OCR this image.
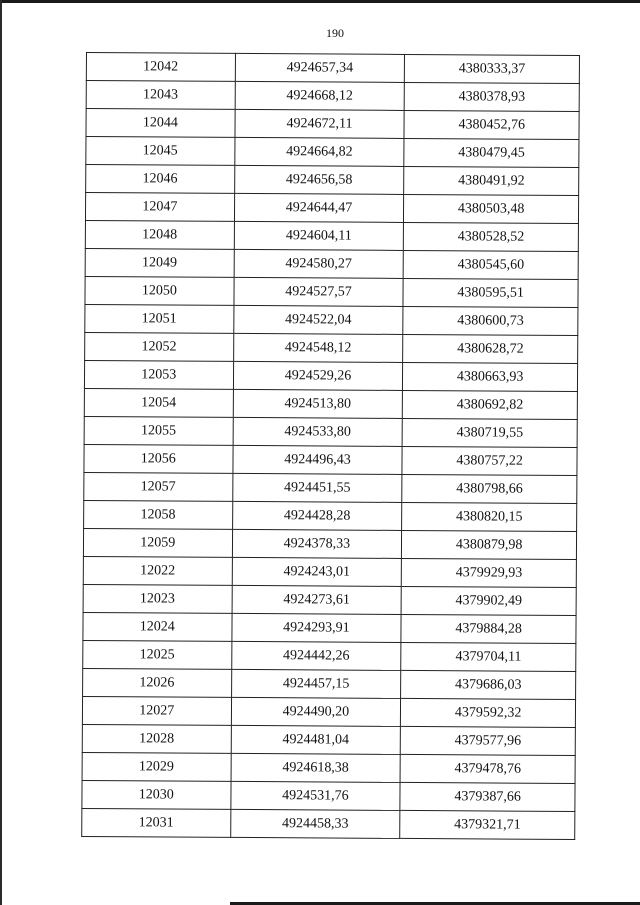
190
12042	4924657,34	4380333,37
12043	4924668,12	4380378,93
12044	4924672,11	4380452,76
12045	4924664,82	4380479,45
12046	4924656,58	4380491,92
12047	4924644,47	4380503,48
12048	4924604,11	4380528,52
12049	4924580,27	4380545,60
12050	4924527,57	4380595,51
12051	4924522,04	4380600,73
12052	4924548,12	4380628,72
12053	4924529,26	4380663,93
12054	4924513,80	4380692,82
12055	4924533,80	4380719,55
12056	4924496,43	4380757,22
12057	4924451,55	4380798,66
12058	4924428,28	4380820,15
12059	4924378,33	4380879,98
12022	4924243,01	4379929,93
12023	4924273,61	4379902,49
12024	4924293,91	4379884,28
12025	4924442,26	4379704,11
12026	4924457,15	4379686,03
12027	4924490,20	4379592,32
12028	4924481,04	4379577,96
12029	4924618,38	4379478,76
12030	4924531,76	4379387,66
12031	4924458,33	4379321,71
